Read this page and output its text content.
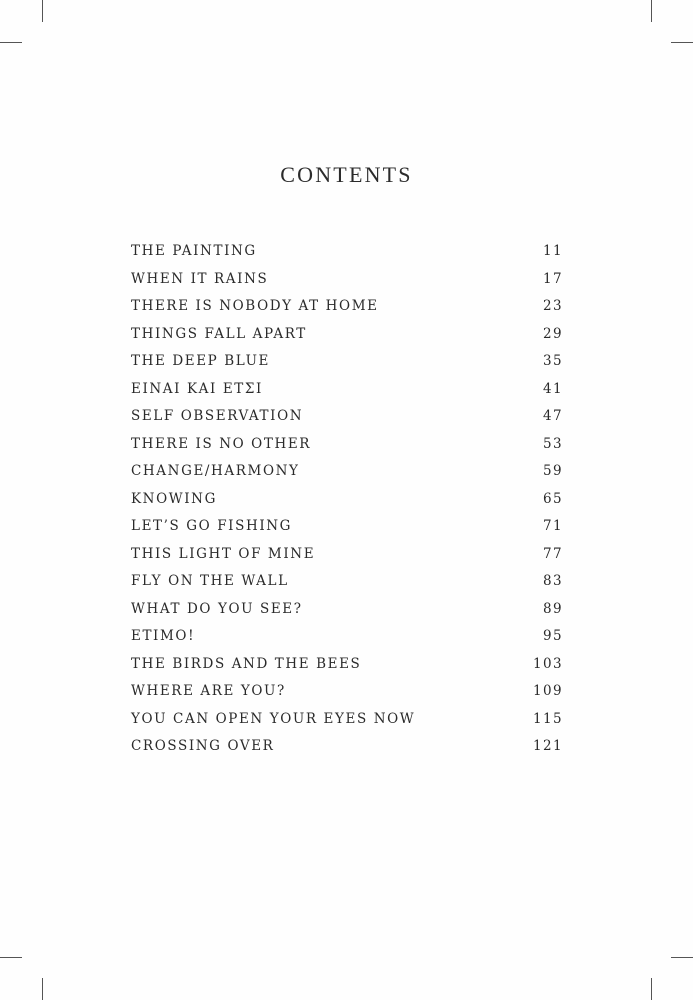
CONTENTS
THE PAINTING	11
WHEN IT RAINS	17
THERE IS NOBODY AT HOME	23
THINGS FALL APART	29
THE DEEP BLUE	35
ΕΙΝΑΙ ΚΑΙ ΕΤΣΙ	41
SELF OBSERVATION	47
THERE IS NO OTHER	53
CHANGE/HARMONY	59
KNOWING	65
LET’S GO FISHING	71
THIS LIGHT OF MINE	77
FLY ON THE WALL	83
WHAT DO YOU SEE?	89
ETIMO!	95
THE BIRDS AND THE BEES	103
WHERE ARE YOU?	109
YOU CAN OPEN YOUR EYES NOW	115
CROSSING OVER	121
